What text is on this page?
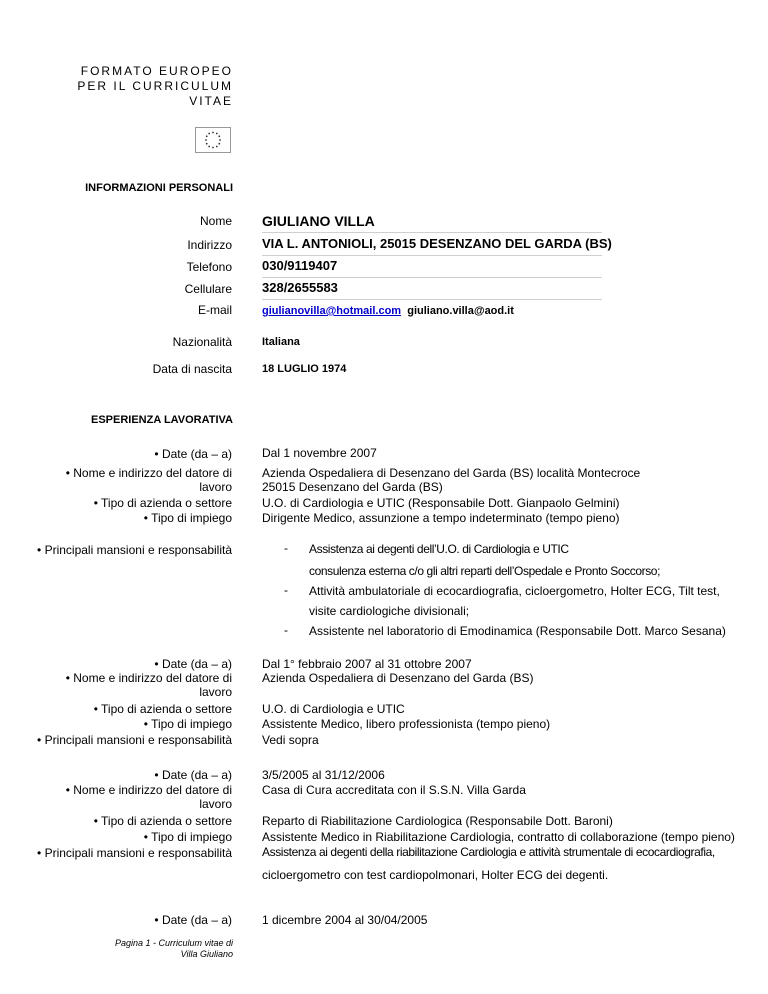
FORMATO EUROPEO
PER IL CURRICULUM
VITAE
INFORMAZIONI PERSONALI
Nome GIULIANO VILLA
Indirizzo VIA L. ANTONIOLI, 25015 DESENZANO DEL GARDA (BS)
Telefono 030/9119407
Cellulare 328/2655583
E-mail	giulianovilla@hotmail.com giuliano.villa@aod.it
Nazionalità	Italiana
Data di nascita	18 LUGLIO 1974
ESPERIENZA LAVORATIVA
• Date (da – a)	Dal 1 novembre 2007
• Nome e indirizzo del datore di
lavoro
Azienda Ospedaliera di Desenzano del Garda (BS) località Montecroce
25015 Desenzano del Garda (BS)
• Tipo di azienda o settore	U.O. di Cardiologia e UTIC (Responsabile Dott. Gianpaolo Gelmini)
• Tipo di impiego	Dirigente Medico, assunzione a tempo indeterminato (tempo pieno)
• Principali mansioni e responsabilità	- Assistenza ai degenti dell’U.O. di Cardiologia e UTIC
consulenza esterna c/o gli altri reparti dell’Ospedale e Pronto Soccorso;
- Attività ambulatoriale di ecocardiografia, cicloergometro, Holter ECG, Tilt test,
visite cardiologiche divisionali;
- Assistente nel laboratorio di Emodinamica (Responsabile Dott. Marco Sesana)
• Date (da – a)	Dal 1° febbraio 2007 al 31 ottobre 2007
• Nome e indirizzo del datore di
lavoro
Azienda Ospedaliera di Desenzano del Garda (BS)
• Tipo di azienda o settore	U.O. di Cardiologia e UTIC
• Tipo di impiego	Assistente Medico, libero professionista (tempo pieno)
• Principali mansioni e responsabilità	Vedi sopra
• Date (da – a)	3/5/2005 al 31/12/2006
• Nome e indirizzo del datore di
lavoro
Casa di Cura accreditata con il S.S.N. Villa Garda
• Tipo di azienda o settore	Reparto di Riabilitazione Cardiologica (Responsabile Dott. Baroni)
• Tipo di impiego	Assistente Medico in Riabilitazione Cardiologia, contratto di collaborazione (tempo pieno)
• Principali mansioni e responsabilità	Assistenza ai degenti della riabilitazione Cardiologia e attività strumentale di ecocardiografia,
cicloergometro con test cardiopolmonari, Holter ECG dei degenti.
• Date (da – a)	1 dicembre 2004 al 30/04/2005
Pagina 1 - Curriculum vitae di
Villa Giuliano
